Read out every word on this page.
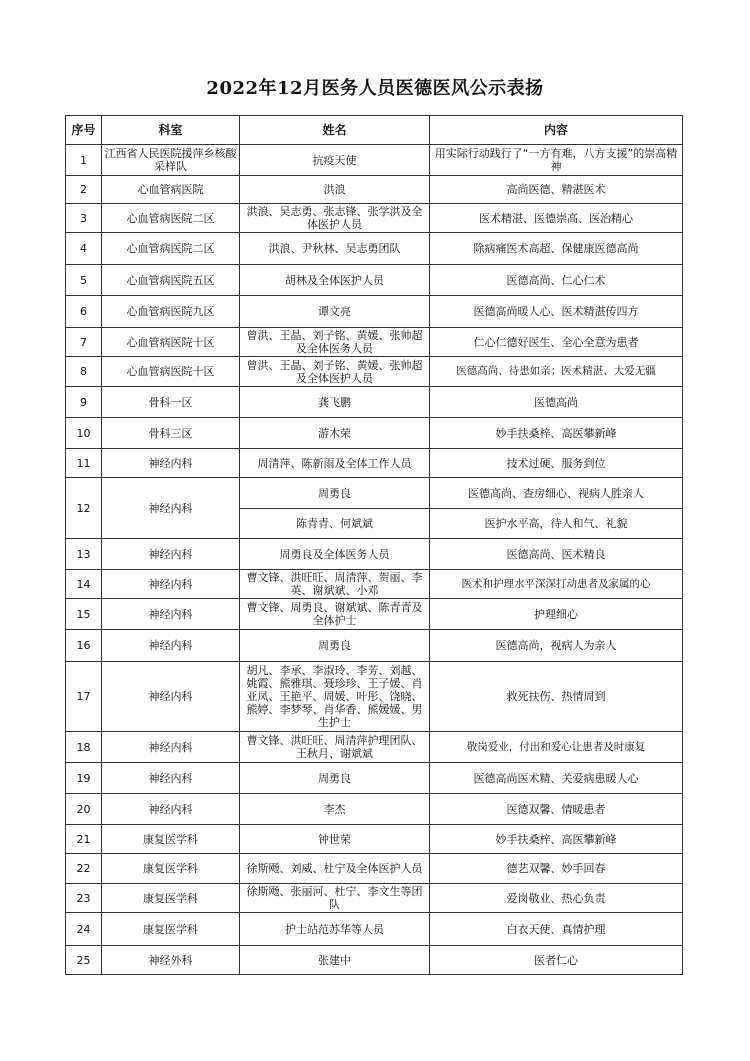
2022年12月医务人员医德医风公示表扬
序号	科室	姓名	内容
1	江西省人民医院援萍乡核酸采样队	抗疫天使	用实际行动践行了“一方有难，八方支援”的崇高精神

2	心血管病医院	洪浪	高尚医德、精湛医术
3	心血管病医院二区	洪浪、吴志勇、张志锋、张学洪及全体医护人员	医术精湛、医德崇高、医治精心
4	心血管病医院二区	洪浪、尹秋林、吴志勇团队	除病痛医术高超、保健康医德高尚
5	心血管病医院五区	胡林及全体医护人员	医德高尚、仁心仁术
6	心血管病医院九区	谭文亮	医德高尚暖人心、医术精湛传四方
7	心血管病医院十区	曾洪、王晶、刘子铭、黄媛、张帅超及全体医务人员	仁心仁德好医生、全心全意为患者
8	心血管病医院十区	曾洪、王晶、刘子铭、黄媛、张帅超及全体医护人员	医德高尚、待患如亲；医术精湛、大爱无疆
9	骨科一区	龚飞鹏	医德高尚
10	骨科三区	游木荣	妙手扶桑梓、高医攀新峰
11	神经内科	周清萍、陈新雨及全体工作人员	技术过硬、服务到位
12	神经内科	周勇良	医德高尚、查房细心、视病人胜亲人
		陈青青、何斌斌	医护水平高，待人和气、礼貌
13	神经内科	周勇良及全体医务人员	医德高尚、医术精良
14	神经内科	曹文锋、洪旺旺、周清萍、贺丽、李英、谢斌斌、小邓	医术和护理水平深深打动患者及家属的心
15	神经内科	曹文锋、周勇良、谢斌斌、陈青青及全体护士	护理细心
16	神经内科	周勇良	医德高尚，视病人为亲人
17	神经内科	胡凡、李承、李淑玲、李芳、刘越、姚霞、熊雅琪、聂珍珍、王子媛、肖亚凤、王艳平、周媛、叶彤、饶晓、熊婷、李梦琴、肖华香、熊媛媛、男生护士	救死扶伤、热情周到
18	神经内科	曹文锋、洪旺旺、周清萍护理团队、王秋月、谢斌斌	敬岗爱业，付出和爱心让患者及时康复
19	神经内科	周勇良	医德高尚医术精、关爱病患暖人心
20	神经内科	李杰	医德双馨、情暖患者
21	康复医学科	钟世荣	妙手扶桑梓、高医攀新峰
22	康复医学科	徐斯飏、刘威、杜宁及全体医护人员	德艺双馨、妙手回春
23	康复医学科	徐斯飏、张丽河、杜宁、李文生等团队	爱岗敬业、热心负责
24	康复医学科	护士站范苏华等人员	白衣天使、真情护理
25	神经外科	张建中	医者仁心
